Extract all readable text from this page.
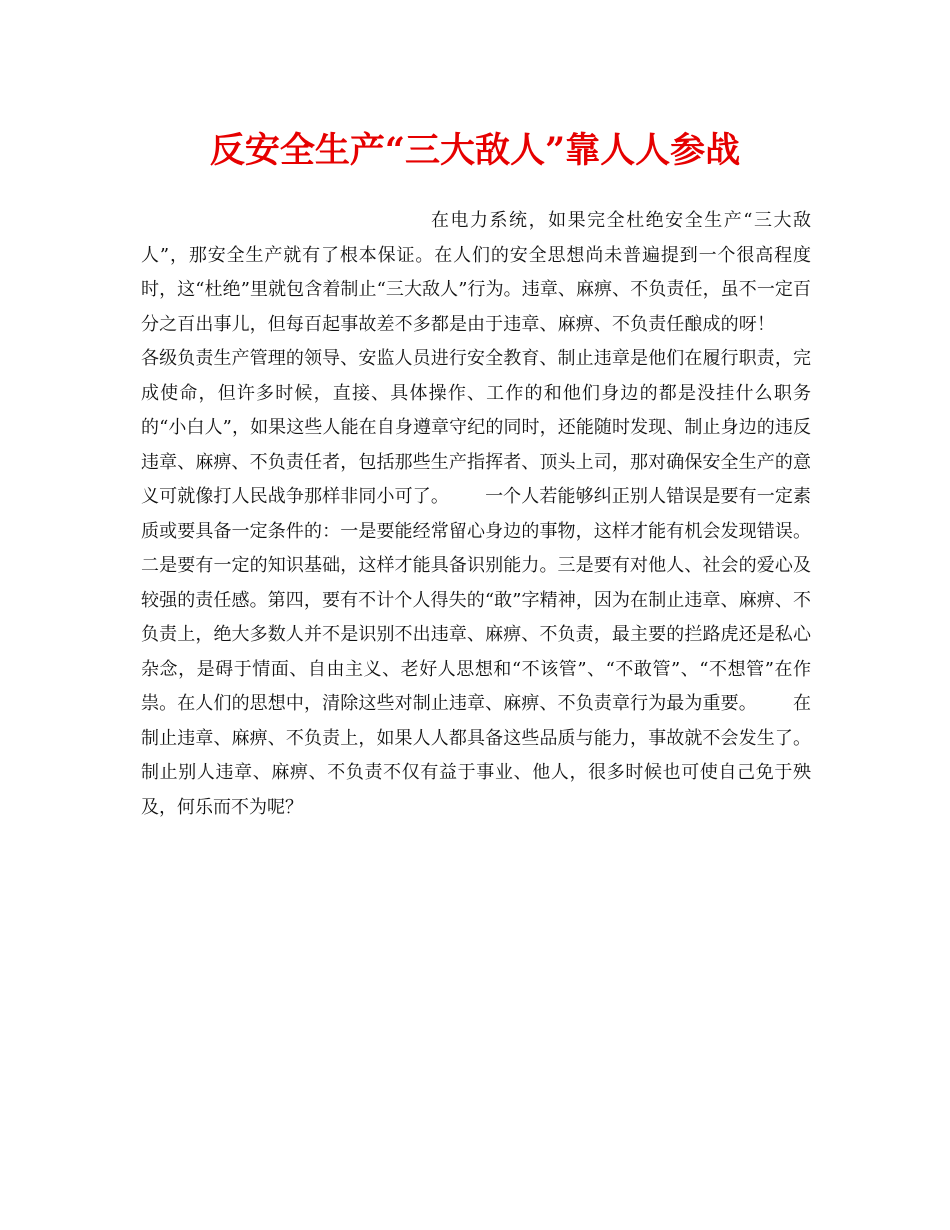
反安全生产“三大敌人”靠人人参战

在电力系统，如果完全杜绝安全生产“三大敌人”，那安全生产就有了根本保证。在人们的安全思想尚未普遍提到一个很高程度时，这“杜绝”里就包含着制止“三大敌人”行为。违章、麻痹、不负责任，虽不一定百分之百出事儿，但每百起事故差不多都是由于违章、麻痹、不负责任酿成的呀！各级负责生产管理的领导、安监人员进行安全教育、制止违章是他们在履行职责，完成使命，但许多时候，直接、具体操作、工作的和他们身边的都是没挂什么职务的“小白人”，如果这些人能在自身遵章守纪的同时，还能随时发现、制止身边的违反违章、麻痹、不负责任者，包括那些生产指挥者、顶头上司，那对确保安全生产的意义可就像打人民战争那样非同小可了。 一个人若能够纠正别人错误是要有一定素质或要具备一定条件的：一是要能经常留心身边的事物，这样才能有机会发现错误。二是要有一定的知识基础，这样才能具备识别能力。三是要有对他人、社会的爱心及较强的责任感。第四，要有不计个人得失的“敢”字精神，因为在制止违章、麻痹、不负责上，绝大多数人并不是识别不出违章、麻痹、不负责，最主要的拦路虎还是私心杂念，是碍于情面、自由主义、老好人思想和“不该管”、“不敢管”、“不想管”在作祟。在人们的思想中，清除这些对制止违章、麻痹、不负责章行为最为重要。 在制止违章、麻痹、不负责上，如果人人都具备这些品质与能力，事故就不会发生了。制止别人违章、麻痹、不负责不仅有益于事业、他人，很多时候也可使自己免于殃及，何乐而不为呢？
